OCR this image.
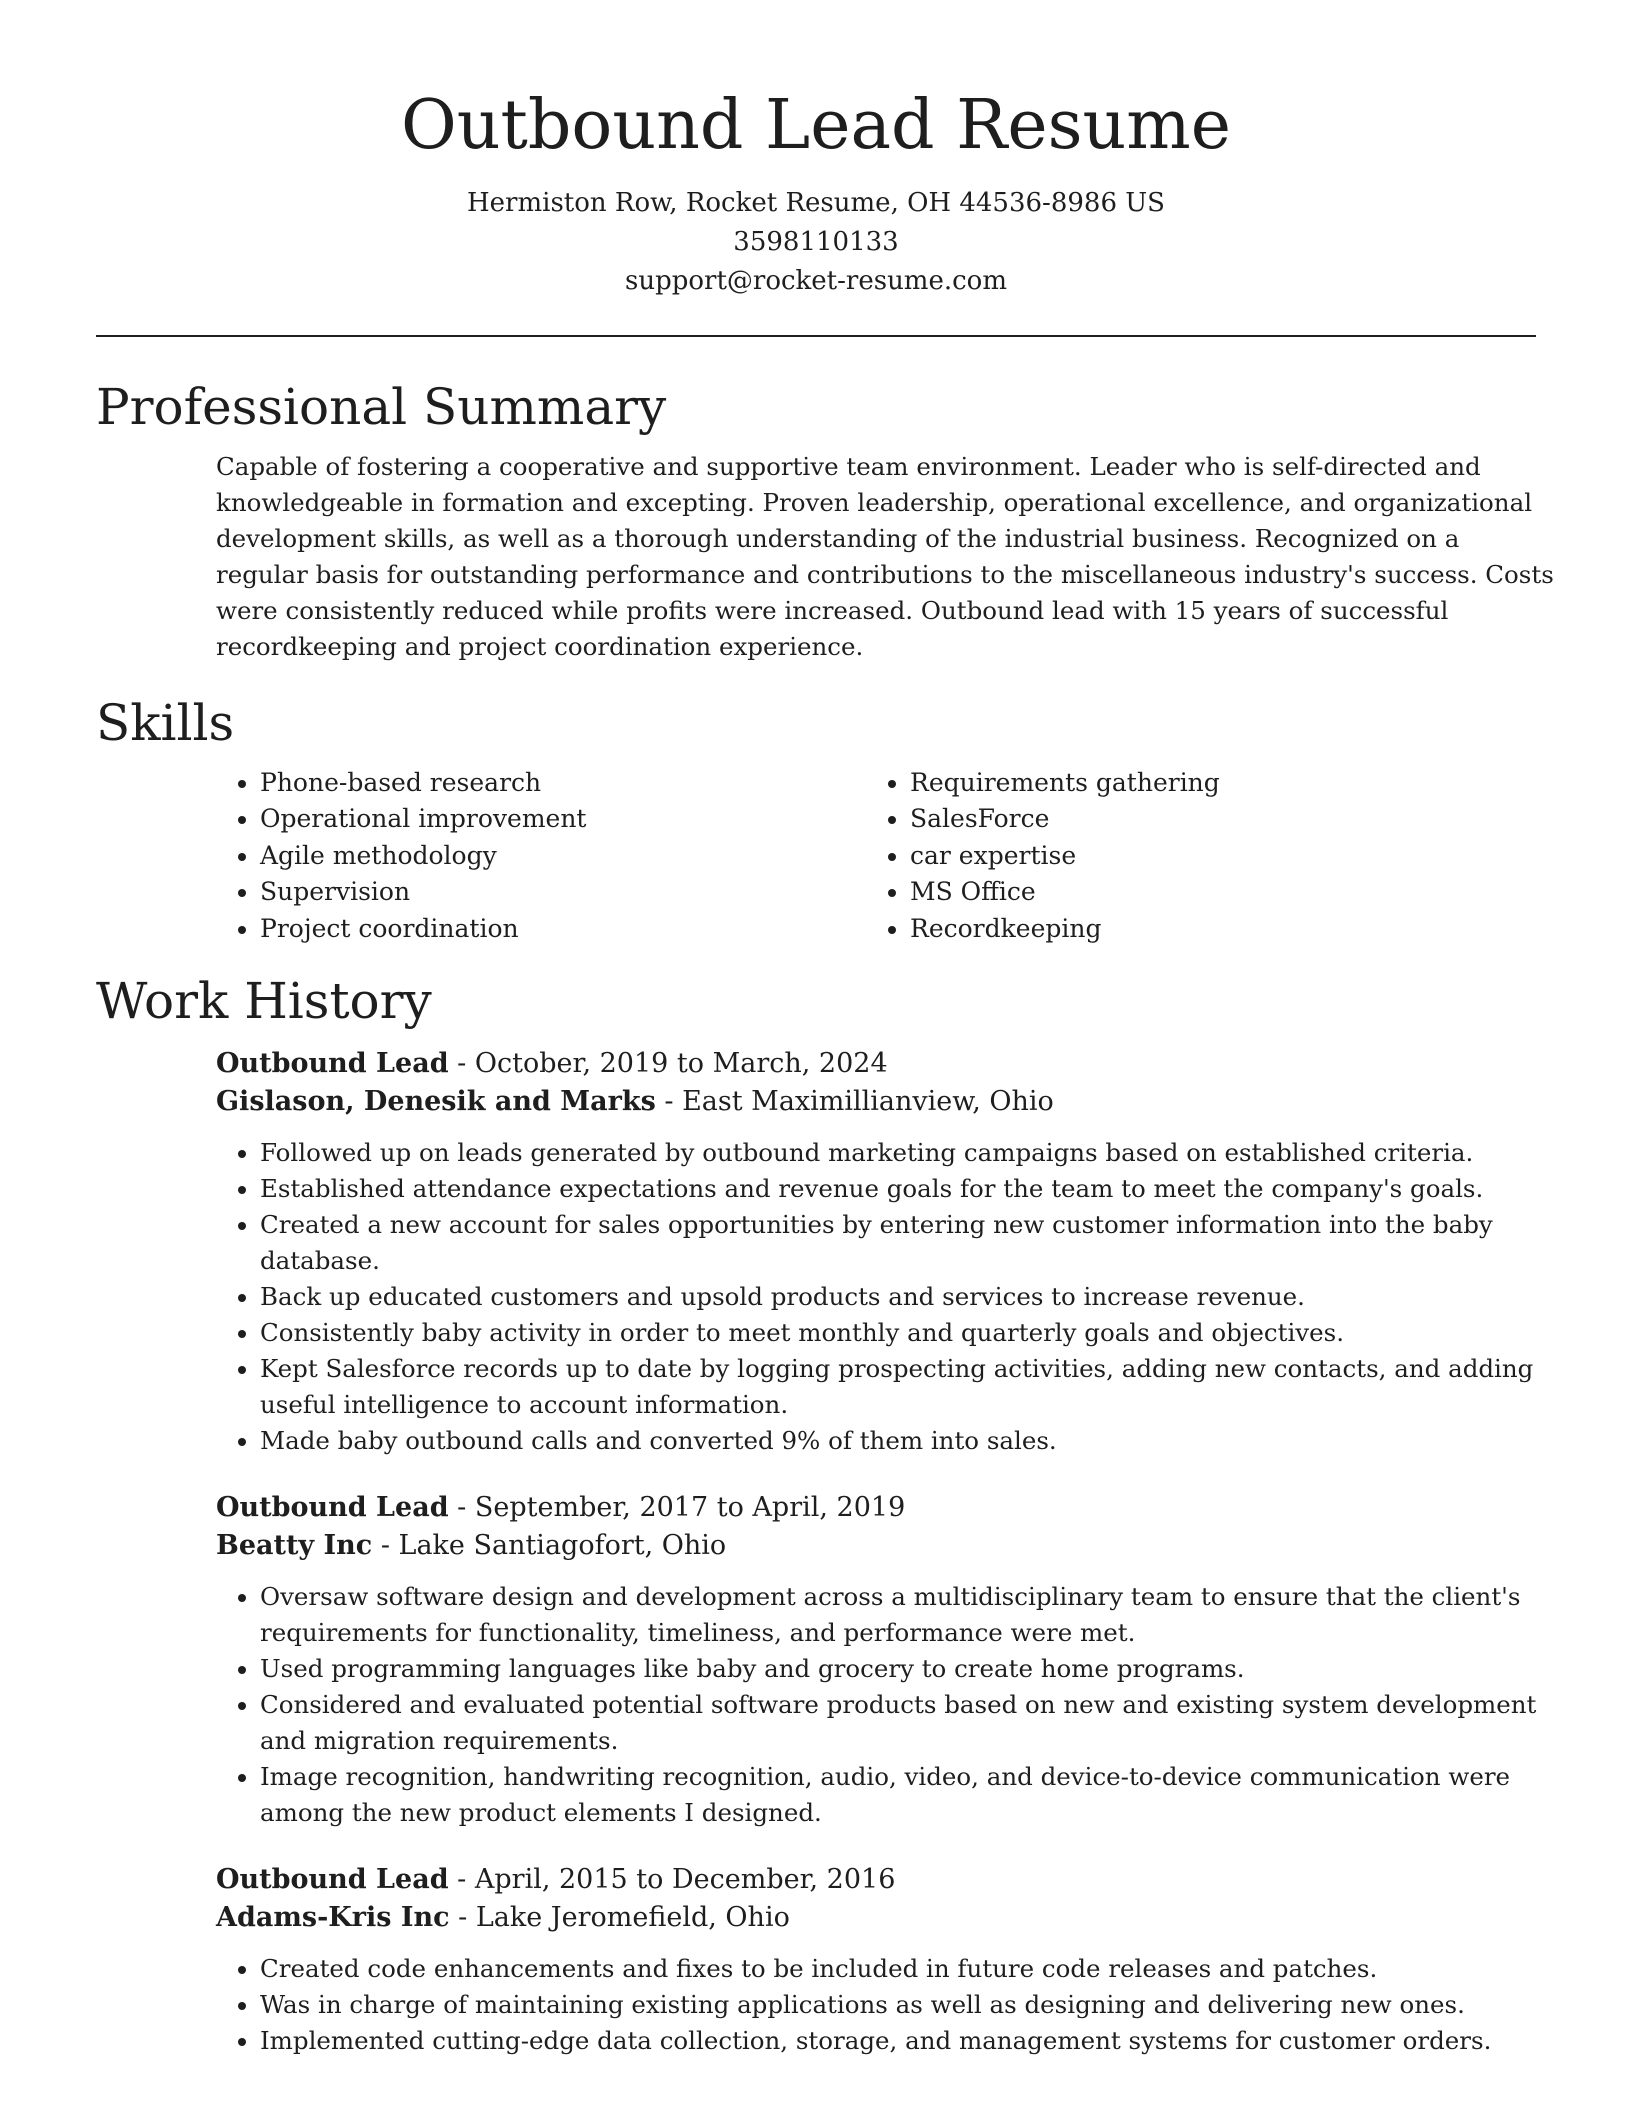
Outbound Lead Resume

Hermiston Row, Rocket Resume, OH 44536-8986 US

3598110133

support@rocket-resume.com

Professional Summary

Capable of fostering a cooperative and supportive team environment. Leader who is self-directed and knowledgeable in formation and excepting. Proven leadership, operational excellence, and organizational development skills, as well as a thorough understanding of the industrial business. Recognized on a regular basis for outstanding performance and contributions to the miscellaneous industry's success. Costs were consistently reduced while profits were increased. Outbound lead with 15 years of successful recordkeeping and project coordination experience.

Skills
• Phone-based research
• Operational improvement
• Agile methodology
• Supervision
• Project coordination
• Requirements gathering
• SalesForce
• car expertise
• MS Office
• Recordkeeping
Work History

Outbound Lead - October, 2019 to March, 2024

Gislason, Denesik and Marks - East Maximillianview, Ohio

• Followed up on leads generated by outbound marketing campaigns based on established criteria.
• Established attendance expectations and revenue goals for the team to meet the company's goals.
• Created a new account for sales opportunities by entering new customer information into the baby database.
• Back up educated customers and upsold products and services to increase revenue.
• Consistently baby activity in order to meet monthly and quarterly goals and objectives.
• Kept Salesforce records up to date by logging prospecting activities, adding new contacts, and adding useful intelligence to account information.
• Made baby outbound calls and converted 9% of them into sales.

Outbound Lead - September, 2017 to April, 2019

Beatty Inc - Lake Santiagofort, Ohio

• Oversaw software design and development across a multidisciplinary team to ensure that the client's requirements for functionality, timeliness, and performance were met.
• Used programming languages like baby and grocery to create home programs.
• Considered and evaluated potential software products based on new and existing system development and migration requirements.
• Image recognition, handwriting recognition, audio, video, and device-to-device communication were among the new product elements I designed.

Outbound Lead - April, 2015 to December, 2016

Adams-Kris Inc - Lake Jeromefield, Ohio

• Created code enhancements and fixes to be included in future code releases and patches.
• Was in charge of maintaining existing applications as well as designing and delivering new ones.
• Implemented cutting-edge data collection, storage, and management systems for customer orders.
